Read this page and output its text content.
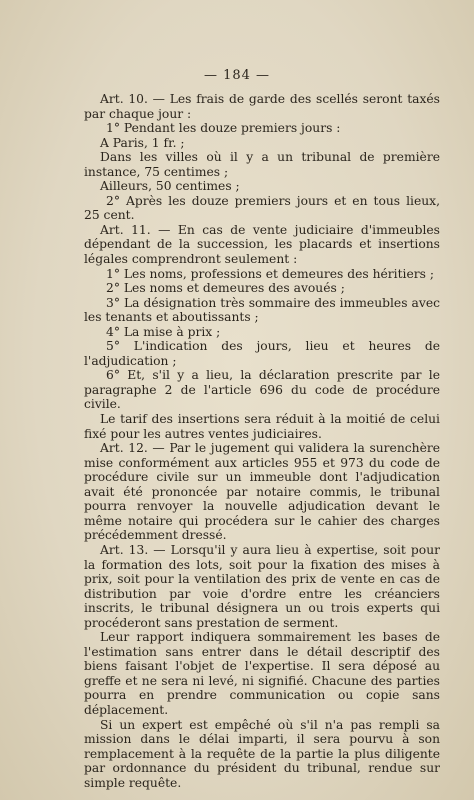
— 184 —

Art. 10. — Les frais de garde des scellés seront taxés par chaque jour :

1° Pendant les douze premiers jours :

A Paris, 1 fr. ;

Dans les villes où il y a un tribunal de première instance, 75 centimes ;

Ailleurs, 50 centimes ;

2° Après les douze premiers jours et en tous lieux, 25 cent.

Art. 11. — En cas de vente judiciaire d'immeubles dépendant de la succession, les placards et insertions légales comprendront seulement :

1° Les noms, professions et demeures des héritiers ;

2° Les noms et demeures des avoués ;

3° La désignation très sommaire des immeubles avec les tenants et aboutissants ;

4° La mise à prix ;

5° L'indication des jours, lieu et heures de l'adjudication ;

6° Et, s'il y a lieu, la déclaration prescrite par le paragraphe 2 de l'article 696 du code de procédure civile.

Le tarif des insertions sera réduit à la moitié de celui fixé pour les autres ventes judiciaires.

Art. 12. — Par le jugement qui validera la surenchère mise conformément aux articles 955 et 973 du code de procédure civile sur un immeuble dont l'adjudication avait été prononcée par notaire commis, le tribunal pourra renvoyer la nouvelle adjudication devant le même notaire qui procédera sur le cahier des charges précédemment dressé.

Art. 13. — Lorsqu'il y aura lieu à expertise, soit pour la formation des lots, soit pour la fixation des mises à prix, soit pour la ventilation des prix de vente en cas de distribution par voie d'ordre entre les créanciers inscrits, le tribunal désignera un ou trois experts qui procéderont sans prestation de serment.

Leur rapport indiquera sommairement les bases de l'estimation sans entrer dans le détail descriptif des biens faisant l'objet de l'expertise. Il sera déposé au greffe et ne sera ni levé, ni signifié. Chacune des parties pourra en prendre communication ou copie sans déplacement.

Si un expert est empêché où s'il n'a pas rempli sa mission dans le délai imparti, il sera pourvu à son remplacement à la requête de la partie la plus diligente par ordonnance du président du tribunal, rendue sur simple requête.
